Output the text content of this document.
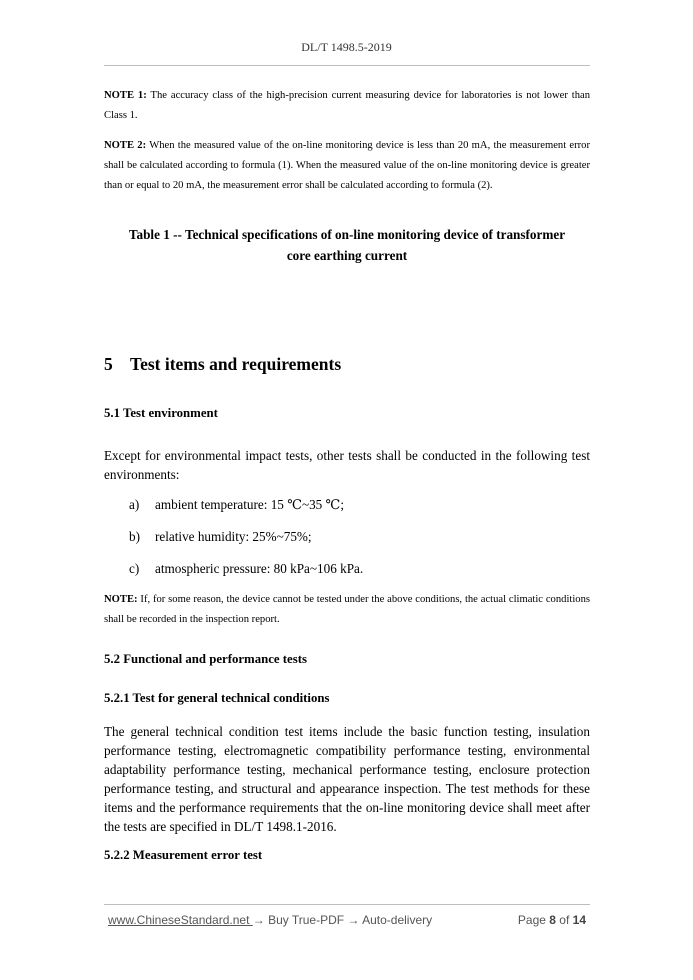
DL/T 1498.5-2019
NOTE 1: The accuracy class of the high-precision current measuring device for laboratories is not lower than Class 1.
NOTE 2: When the measured value of the on-line monitoring device is less than 20 mA, the measurement error shall be calculated according to formula (1). When the measured value of the on-line monitoring device is greater than or equal to 20 mA, the measurement error shall be calculated according to formula (2).
Table 1 -- Technical specifications of on-line monitoring device of transformer
core earthing current
5 Test items and requirements
5.1 Test environment
Except for environmental impact tests, other tests shall be conducted in the following test environments:
a) ambient temperature: 15 ℃~35 ℃;
b) relative humidity: 25%~75%;
c) atmospheric pressure: 80 kPa~106 kPa.
NOTE: If, for some reason, the device cannot be tested under the above conditions, the actual climatic conditions shall be recorded in the inspection report.
5.2 Functional and performance tests
5.2.1 Test for general technical conditions
The general technical condition test items include the basic function testing, insulation performance testing, electromagnetic compatibility performance testing, environmental adaptability performance testing, mechanical performance testing, enclosure protection performance testing, and structural and appearance inspection. The test methods for these items and the performance requirements that the on-line monitoring device shall meet after the tests are specified in DL/T 1498.1-2016.
5.2.2 Measurement error test
www.ChineseStandard.net → Buy True-PDF → Auto-delivery	Page 8 of 14
